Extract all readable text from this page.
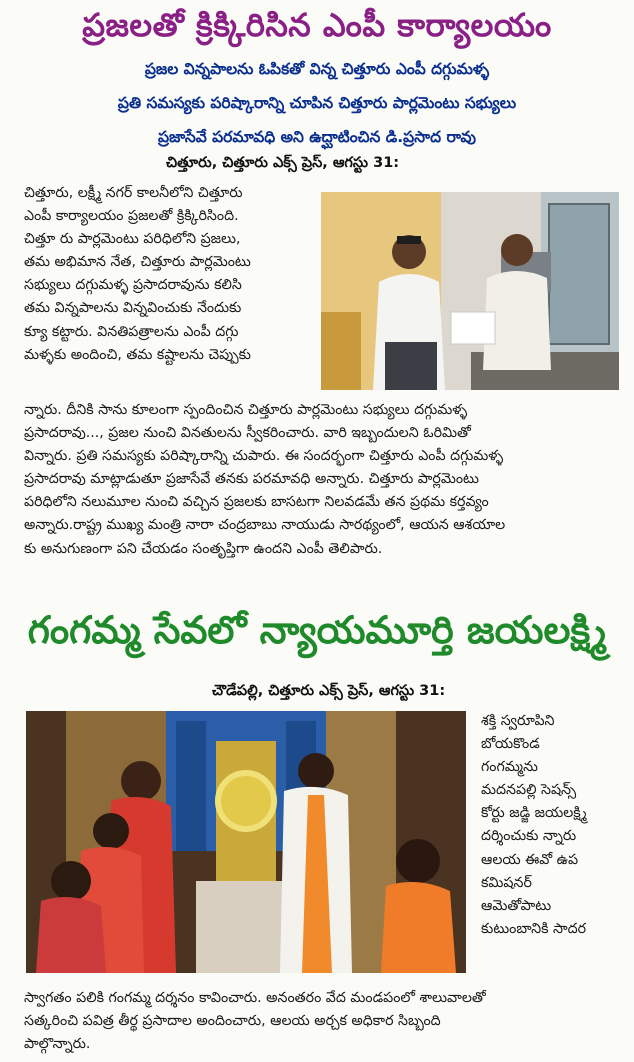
ప్రజలతో క్రిక్కిరిసిన ఎంపీ కార్యాలయం
ప్రజల విన్నపాలను ఓపికతో విన్న చిత్తూరు ఎంపీ దగ్గుమళ్ళ
ప్రతి సమస్యకు పరిష్కారాన్ని చూపిన చిత్తూరు పార్లమెంటు సభ్యులు
ప్రజాసేవే పరమావధి అని ఉద్ఘాటించిన డి.ప్రసాద రావు
చిత్తూరు, చిత్తూరు ఎక్స్ ప్రెస్, ఆగస్టు 31:
చిత్తూరు, లక్ష్మీ నగర్ కాలనీలోని చిత్తూరు
ఎంపీ కార్యాలయం ప్రజలతో క్రిక్కిరిసింది.
చిత్తూ రు పార్లమెంటు పరిధిలోని ప్రజలు,
తమ అభిమాన నేత, చిత్తూరు పార్లమెంటు
సభ్యులు దగ్గుమళ్ళ ప్రసాదరావును కలిసి
తమ విన్నపాలను విన్నవించుకు నేందుకు
క్యూ కట్టారు. వినతిపత్రాలను ఎంపీ దగ్గు
మళ్ళకు అందించి, తమ కష్టాలను చెప్పుకు
న్నారు. దీనికి సాను కూలంగా స్పందించిన చిత్తూరు పార్లమెంటు సభ్యులు దగ్గుమళ్ళ
ప్రసాదరావు..., ప్రజల నుంచి వినతులను స్వీకరించారు. వారి ఇబ్బందులని ఓరిమితో
విన్నారు. ప్రతి సమస్యకు పరిష్కారాన్ని చుపారు. ఈ సందర్భంగా చిత్తూరు ఎంపీ దగ్గుమళ్ళ
ప్రసాదరావు మాట్లాడుతూ ప్రజాసేవే తనకు పరమావధి అన్నారు. చిత్తూరు పార్లమెంటు
పరిధిలోని నలుమూల నుంచి వచ్చిన ప్రజలకు బాసటగా నిలవడమే తన ప్రథమ కర్తవ్యం
అన్నారు.రాష్ట్ర ముఖ్య మంత్రి నారా చంద్రబాబు నాయుడు సారథ్యంలో, ఆయన ఆశయాల
కు అనుగుణంగా పని చేయడం సంతృప్తిగా ఉందని ఎంపీ తెలిపారు.
గంగమ్మ సేవలో న్యాయమూర్తి జయలక్ష్మి
చౌడేపల్లి, చిత్తూరు ఎక్స్ ప్రెస్, ఆగస్టు 31:
శక్తి స్వరూపిని
బోయకొండ
గంగమ్మను
మదనపల్లి సెషన్స్
కోర్టు జడ్జి జయలక్ష్మి
దర్శించుకు న్నారు
ఆలయ ఈవో ఉప
కమిషనర్
ఆమెతోపాటు
కుటుంబానికి సాదర
స్వాగతం పలికి గంగమ్మ దర్శనం కావించారు. అనంతరం వేద మండపంలో శాలువాలతో
సత్కరించి పవిత్ర తీర్థ ప్రసాదాల అందించారు, ఆలయ అర్చక అధికార సిబ్బంది
పాల్గొన్నారు.
